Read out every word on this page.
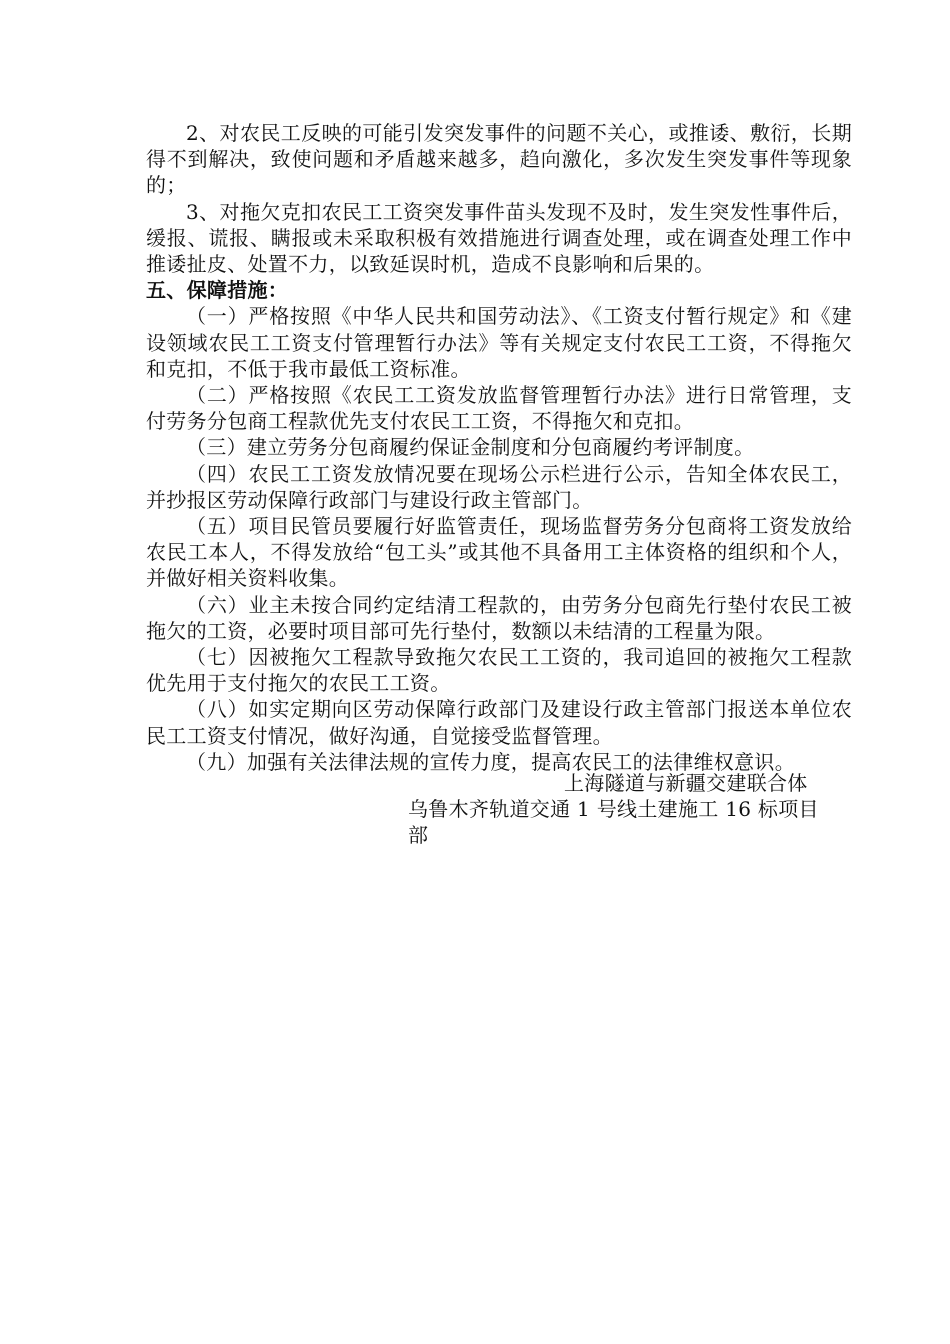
2、对农民工反映的可能引发突发事件的问题不关心，或推诿、敷衍，长期得不到解决，致使问题和矛盾越来越多，趋向激化，多次发生突发事件等现象的；

3、对拖欠克扣农民工工资突发事件苗头发现不及时，发生突发性事件后，缓报、谎报、瞒报或未采取积极有效措施进行调查处理，或在调查处理工作中推诿扯皮、处置不力，以致延误时机，造成不良影响和后果的。

五、保障措施：

（一）严格按照《中华人民共和国劳动法》、《工资支付暂行规定》和《建设领域农民工工资支付管理暂行办法》等有关规定支付农民工工资，不得拖欠和克扣，不低于我市最低工资标准。

（二）严格按照《农民工工资发放监督管理暂行办法》进行日常管理，支付劳务分包商工程款优先支付农民工工资，不得拖欠和克扣。

（三）建立劳务分包商履约保证金制度和分包商履约考评制度。

（四）农民工工资发放情况要在现场公示栏进行公示，告知全体农民工，并抄报区劳动保障行政部门与建设行政主管部门。

（五）项目民管员要履行好监管责任，现场监督劳务分包商将工资发放给农民工本人，不得发放给“包工头”或其他不具备用工主体资格的组织和个人，并做好相关资料收集。

（六）业主未按合同约定结清工程款的，由劳务分包商先行垫付农民工被拖欠的工资，必要时项目部可先行垫付，数额以未结清的工程量为限。

（七）因被拖欠工程款导致拖欠农民工工资的，我司追回的被拖欠工程款优先用于支付拖欠的农民工工资。

（八）如实定期向区劳动保障行政部门及建设行政主管部门报送本单位农民工工资支付情况，做好沟通，自觉接受监督管理。

（九）加强有关法律法规的宣传力度，提高农民工的法律维权意识。

上海隧道与新疆交建联合体

乌鲁木齐轨道交通 1 号线土建施工 16 标项目部
